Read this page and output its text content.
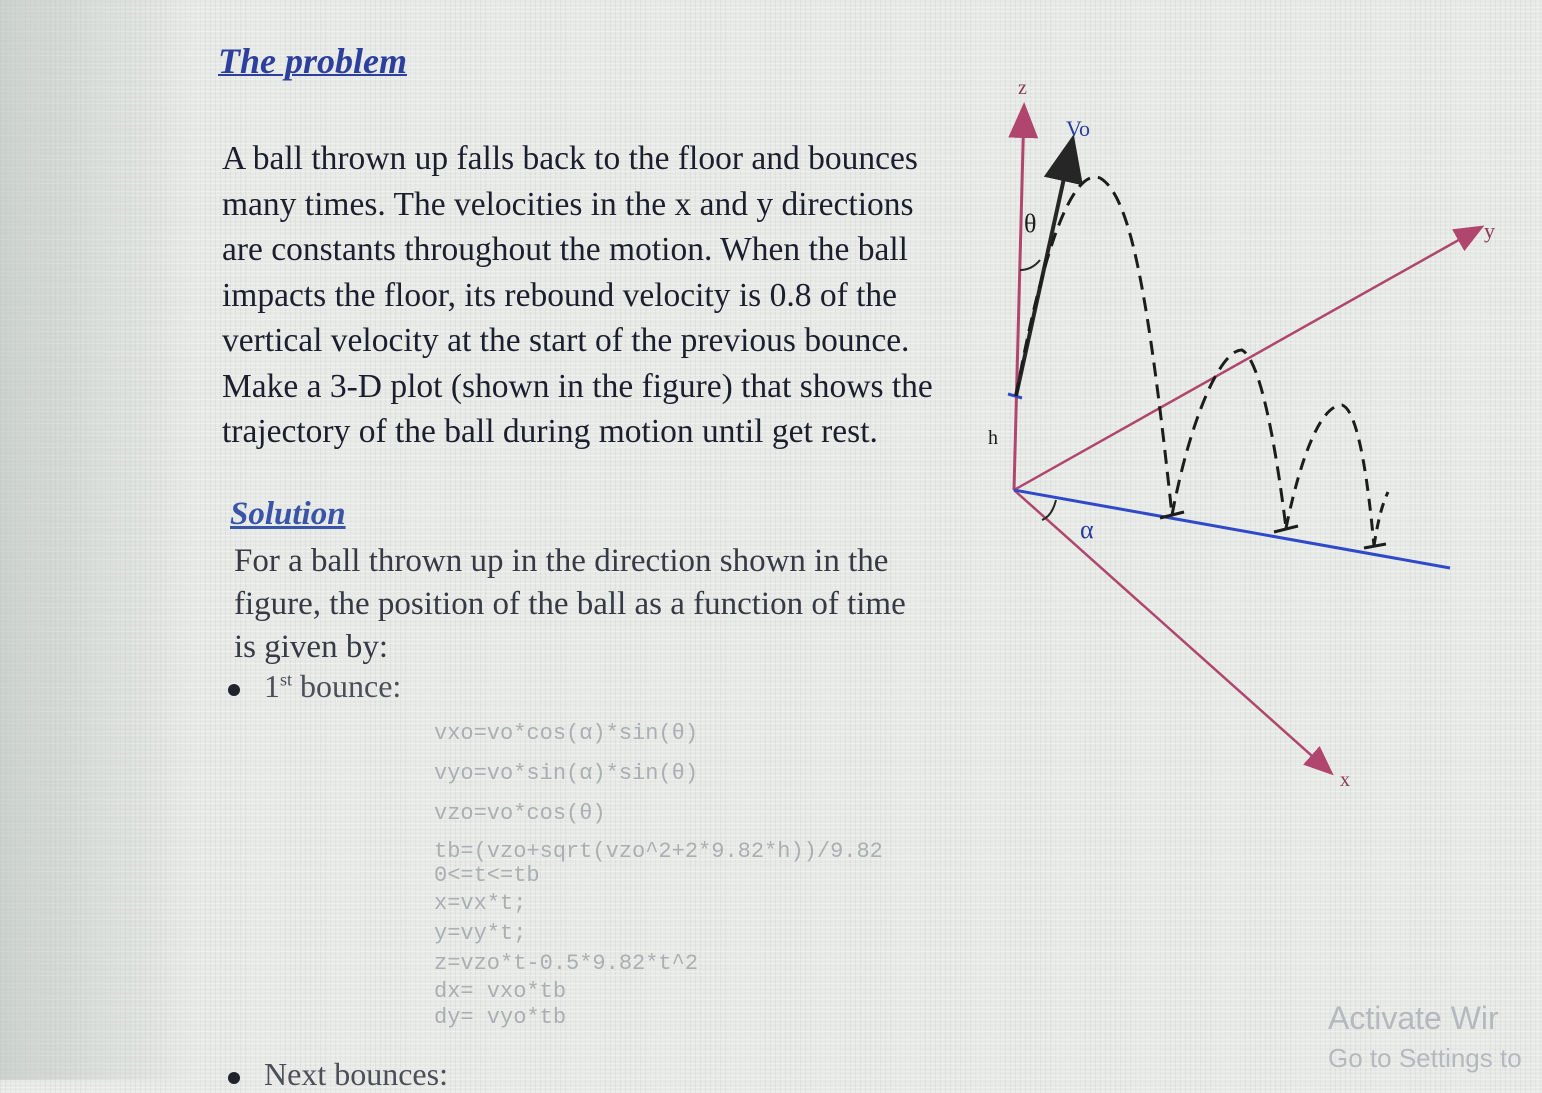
The problem
A ball thrown up falls back to the floor and bounces
many times. The velocities in the x and y directions
are constants throughout the motion. When the ball
impacts the floor, its rebound velocity is 0.8 of the
vertical velocity at the start of the previous bounce.
Make a 3-D plot (shown in the figure) that shows the
trajectory of the ball during motion until get rest.
Solution
For a ball thrown up in the direction shown in the
figure, the position of the ball as a function of time
is given by:
1st bounce:
vxo=vo*cos(α)*sin(θ)
vyo=vo*sin(α)*sin(θ)
vzo=vo*cos(θ)
tb=(vzo+sqrt(vzo^2+2*9.82*h))/9.82
0<=t<=tb
x=vx*t;
y=vy*t;
z=vzo*t-0.5*9.82*t^2
dx= vxo*tb
dy= vyo*tb
Next bounces:
z
Vo
θ	y
h
α
x
Activate Wir
Go to Settings to
